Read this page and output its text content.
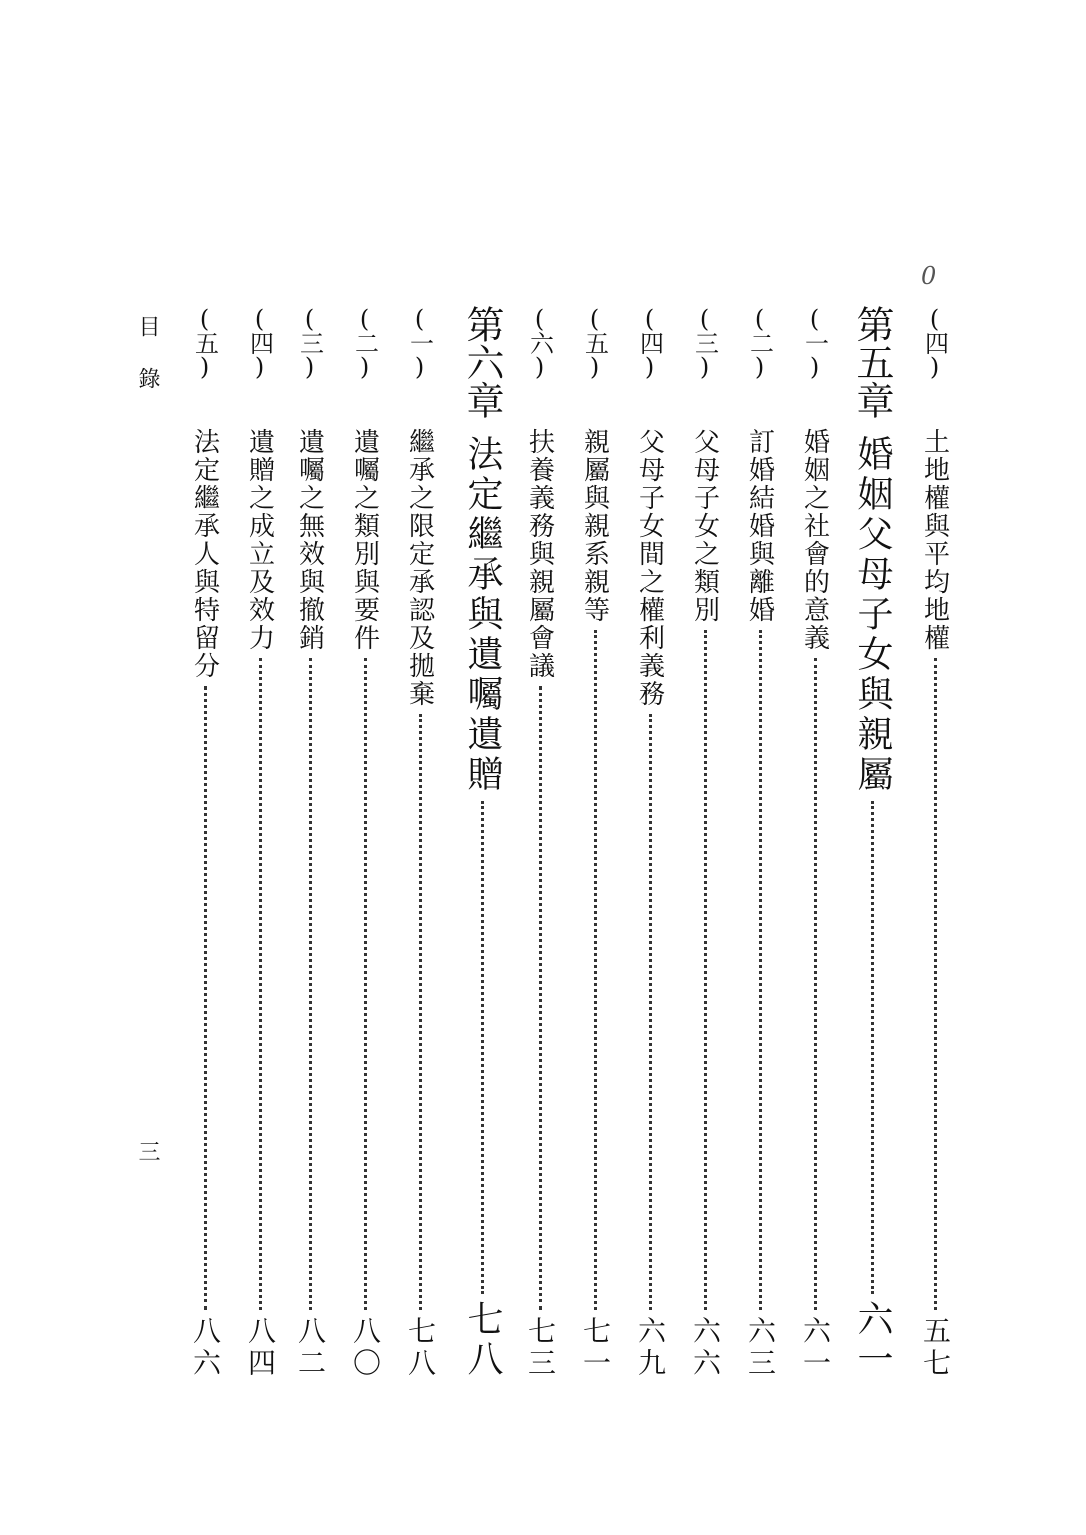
0
(四)
土地權與平均地權
五七
第五章
婚姻父母子女與親屬
六一
(一)
婚姻之社會的意義
六一
(二)
訂婚結婚與離婚
六三
(三)
父母子女之類別
六六
(四)
父母子女間之權利義務
六九
(五)
親屬與親系親等
七一
(六)
扶養義務與親屬會議
七三
第六章
法定繼承與遺囑遺贈
七八
(一)
繼承之限定承認及拋棄
七八
(二)
遺囑之類別與要件
八〇
(三)
遺囑之無效與撤銷
八二
(四)
遺贈之成立及效力
八四
(五)
法定繼承人與特留分
八六
目錄
三
